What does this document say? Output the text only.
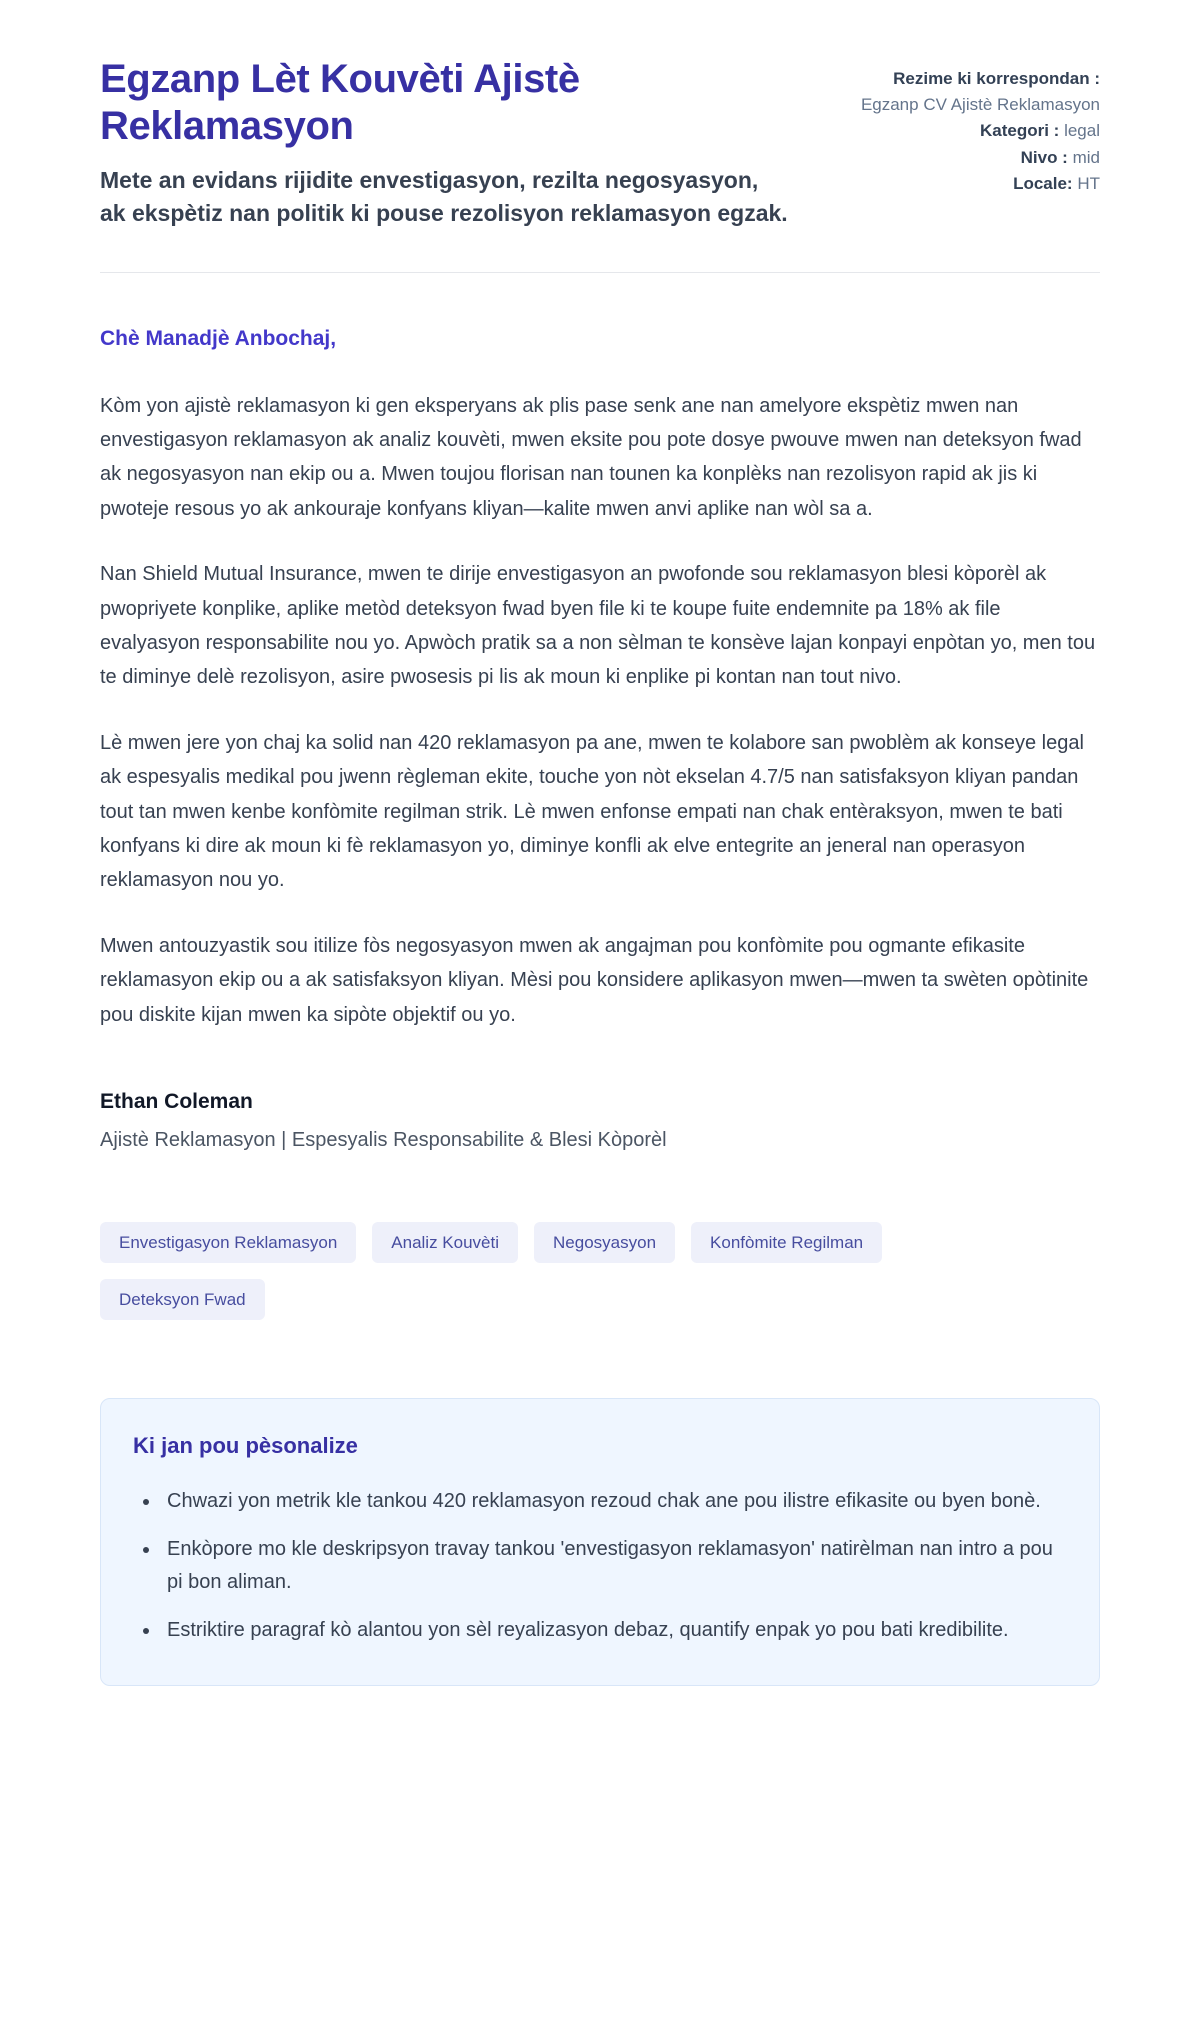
Egzanp Lèt Kouvèti Ajistè Reklamasyon
Mete an evidans rijidite envestigasyon, rezilta negosyasyon, ak ekspètiz nan politik ki pouse rezolisyon reklamasyon egzak.
Rezime ki korrespondan : Egzanp CV Ajistè Reklamasyon
Kategori : legal
Nivo : mid
Locale: HT

Chè Manadjè Anbochaj,

Kòm yon ajistè reklamasyon ki gen eksperyans ak plis pase senk ane nan amelyore ekspètiz mwen nan envestigasyon reklamasyon ak analiz kouvèti, mwen eksite pou pote dosye pwouve mwen nan deteksyon fwad ak negosyasyon nan ekip ou a. Mwen toujou florisan nan tounen ka konplèks nan rezolisyon rapid ak jis ki pwoteje resous yo ak ankouraje konfyans kliyan—kalite mwen anvi aplike nan wòl sa a.

Nan Shield Mutual Insurance, mwen te dirije envestigasyon an pwofonde sou reklamasyon blesi kòporèl ak pwopriyete konplike, aplike metòd deteksyon fwad byen file ki te koupe fuite endemnite pa 18% ak file evalyasyon responsabilite nou yo. Apwòch pratik sa a non sèlman te konsève lajan konpayi enpòtan yo, men tou te diminye delè rezolisyon, asire pwosesis pi lis ak moun ki enplike pi kontan nan tout nivo.

Lè mwen jere yon chaj ka solid nan 420 reklamasyon pa ane, mwen te kolabore san pwoblèm ak konseye legal ak espesyalis medikal pou jwenn règleman ekite, touche yon nòt ekselan 4.7/5 nan satisfaksyon kliyan pandan tout tan mwen kenbe konfòmite regilman strik. Lè mwen enfonse empati nan chak entèraksyon, mwen te bati konfyans ki dire ak moun ki fè reklamasyon yo, diminye konfli ak elve entegrite an jeneral nan operasyon reklamasyon nou yo.

Mwen antouzyastik sou itilize fòs negosyasyon mwen ak angajman pou konfòmite pou ogmante efikasite reklamasyon ekip ou a ak satisfaksyon kliyan. Mèsi pou konsidere aplikasyon mwen—mwen ta swèten opòtinite pou diskite kijan mwen ka sipòte objektif ou yo.

Ethan Coleman
Ajistè Reklamasyon | Espesyalis Responsabilite & Blesi Kòporèl
Envestigasyon Reklamasyon	Analiz Kouvèti	Negosyasyon	Konfòmite Regilman
Deteksyon Fwad
Ki jan pou pèsonalize
• Chwazi yon metrik kle tankou 420 reklamasyon rezoud chak ane pou ilistre efikasite ou byen bonè.
• Enkòpore mo kle deskripsyon travay tankou 'envestigasyon reklamasyon' natirèlman nan intro a pou pi bon aliman.
• Estriktire paragraf kò alantou yon sèl reyalizasyon debaz, quantify enpak yo pou bati kredibilite.
